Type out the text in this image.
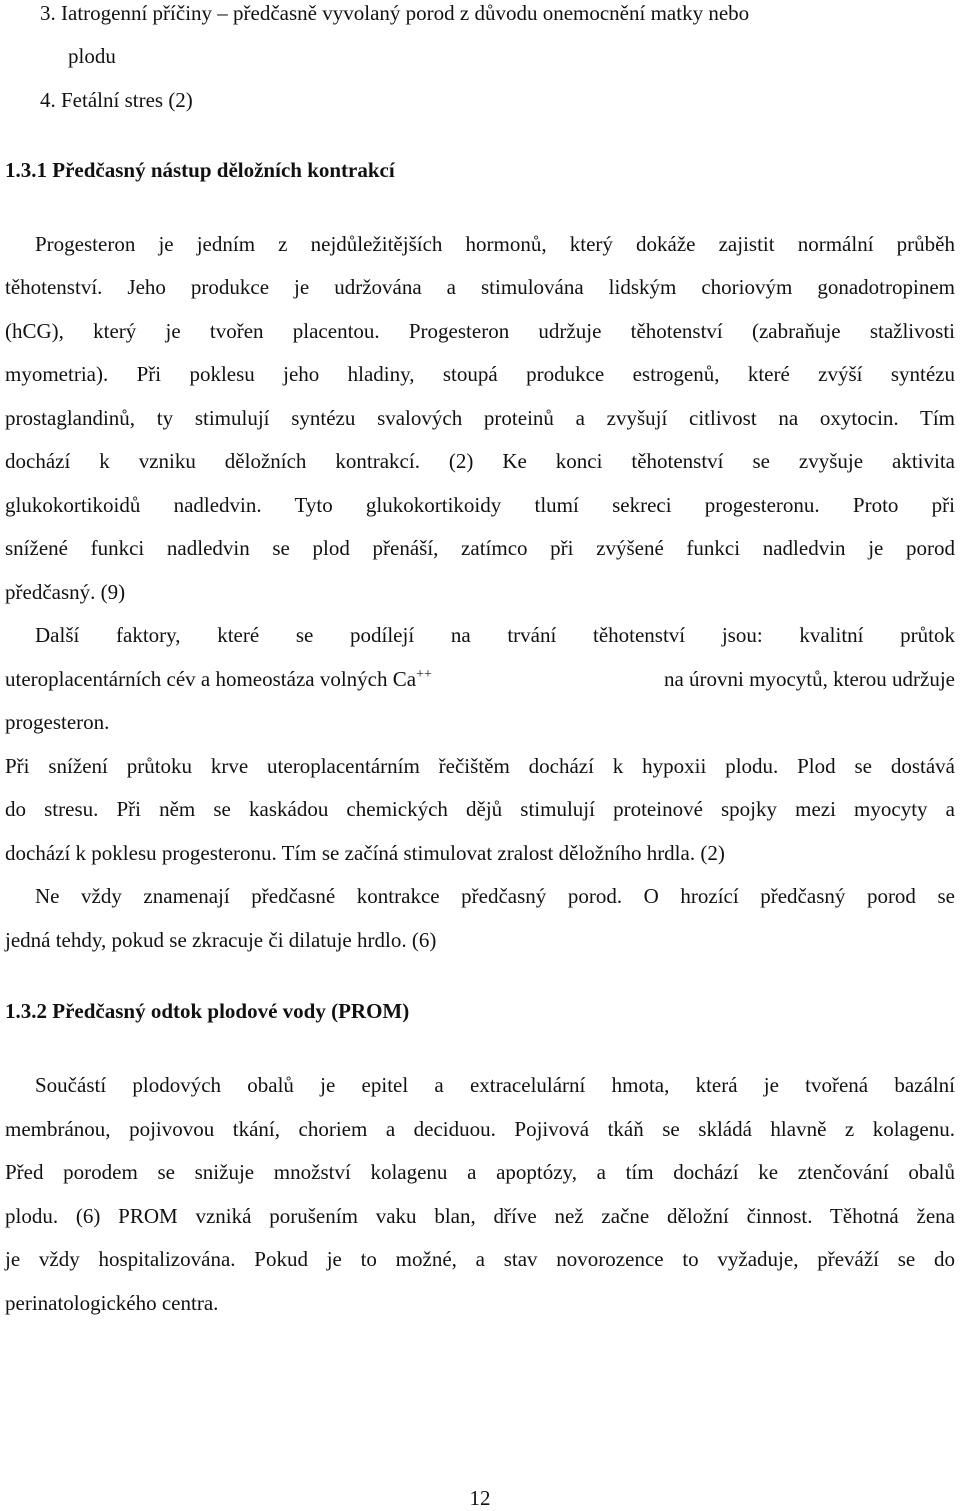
3. Iatrogenní příčiny – předčasně vyvolaný porod z důvodu onemocnění matky nebo
plodu
4. Fetální stres (2)
1.3.1 Předčasný nástup děložních kontrakcí
Progesteron je jedním z nejdůležitějších hormonů, který dokáže zajistit normální průběh
těhotenství. Jeho produkce je udržována a stimulována lidským choriovým gonadotropinem
(hCG), který je tvořen placentou. Progesteron udržuje těhotenství (zabraňuje stažlivosti
myometria). Při poklesu jeho hladiny, stoupá produkce estrogenů, které zvýší syntézu
prostaglandinů, ty stimulují syntézu svalových proteinů a zvyšují citlivost na oxytocin. Tím
dochází k vzniku děložních kontrakcí. (2) Ke konci těhotenství se zvyšuje aktivita
glukokortikoidů nadledvin. Tyto glukokortikoidy tlumí sekreci progesteronu. Proto při
snížené funkci nadledvin se plod přenáší, zatímco při zvýšené funkci nadledvin je porod
předčasný. (9)
Další faktory, které se podílejí na trvání těhotenství jsou: kvalitní průtok
uteroplacentárních cév a homeostáza volných Ca++	na úrovni myocytů, kterou udržuje
progesteron.
Při snížení průtoku krve uteroplacentárním řečištěm dochází k hypoxii plodu. Plod se dostává
do stresu. Při něm se kaskádou chemických dějů stimulují proteinové spojky mezi myocyty a
dochází k poklesu progesteronu. Tím se začíná stimulovat zralost děložního hrdla. (2)
Ne vždy znamenají předčasné kontrakce předčasný porod. O hrozící předčasný porod se
jedná tehdy, pokud se zkracuje či dilatuje hrdlo. (6)
1.3.2 Předčasný odtok plodové vody (PROM)
Součástí plodových obalů je epitel a extracelulární hmota, která je tvořená bazální
membránou, pojivovou tkání, choriem a deciduou. Pojivová tkáň se skládá hlavně z kolagenu.
Před porodem se snižuje množství kolagenu a apoptózy, a tím dochází ke ztenčování obalů
plodu. (6) PROM vzniká porušením vaku blan, dříve než začne děložní činnost. Těhotná žena
je vždy hospitalizována. Pokud je to možné, a stav novorozence to vyžaduje, převáží se do
perinatologického centra.
12
